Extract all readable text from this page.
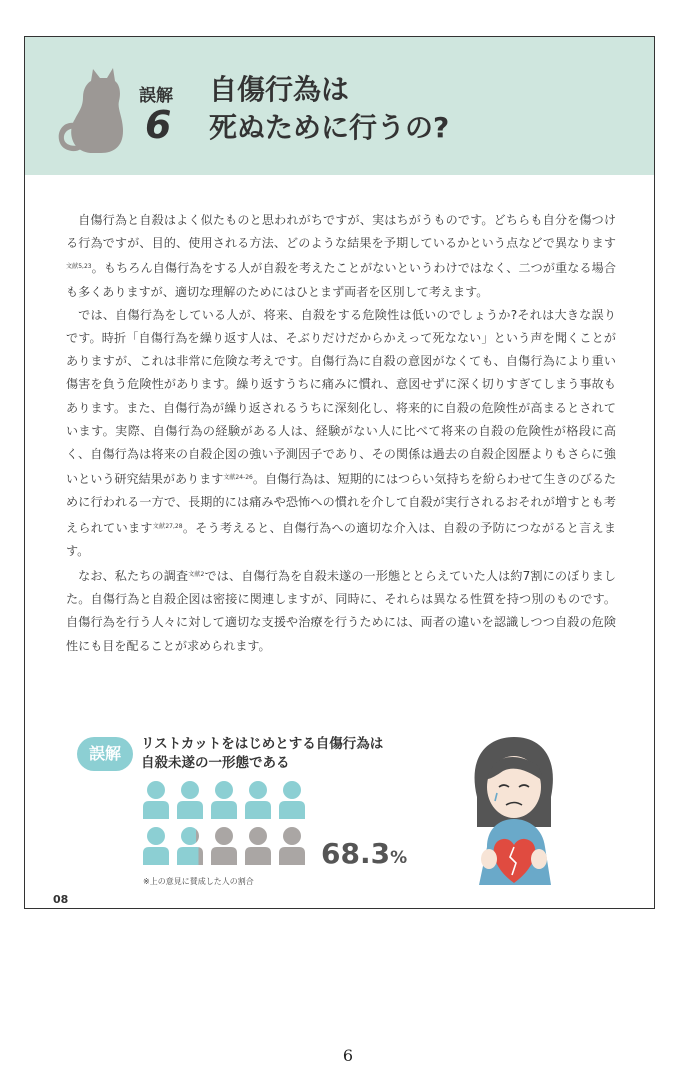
誤解
6
自傷行為は
死ぬために行うの?

自傷行為と自殺はよく似たものと思われがちですが、実はちがうものです。どちらも自分を傷つける行為ですが、目的、使用される方法、どのような結果を予期しているかという点などで異なります$^{文献5,23}$。もちろん自傷行為をする人が自殺を考えたことがないというわけではなく、二つが重なる場合も多くありますが、適切な理解のためにはひとまず両者を区別して考えます。

では、自傷行為をしている人が、将来、自殺をする危険性は低いのでしょうか?それは大きな誤りです。時折「自傷行為を繰り返す人は、そぶりだけだからかえって死なない」という声を聞くことがありますが、これは非常に危険な考えです。自傷行為に自殺の意図がなくても、自傷行為により重い傷害を負う危険性があります。繰り返すうちに痛みに慣れ、意図せずに深く切りすぎてしまう事故もあります。また、自傷行為が繰り返されるうちに深刻化し、将来的に自殺の危険性が高まるとされています。実際、自傷行為の経験がある人は、経験がない人に比べて将来の自殺の危険性が格段に高く、自傷行為は将来の自殺企図の強い予測因子であり、その関係は過去の自殺企図歴よりもさらに強いという研究結果があります$^{文献24-26}$。自傷行為は、短期的にはつらい気持ちを紛らわせて生きのびるために行われる一方で、長期的には痛みや恐怖への慣れを介して自殺が実行されるおそれが増すとも考えられています$^{文献27,28}$。そう考えると、自傷行為への適切な介入は、自殺の予防につながると言えます。

なお、私たちの調査$^{文献2}$では、自傷行為を自殺未遂の一形態ととらえていた人は約7割にのぼりました。自傷行為と自殺企図は密接に関連しますが、同時に、それらは異なる性質を持つ別のものです。自傷行為を行う人々に対して適切な支援や治療を行うためには、両者の違いを認識しつつ自殺の危険性にも目を配ることが求められます。

誤解	リストカットをはじめとする自傷行為は
自殺未遂の一形態である
68.3%
※上の意見に賛成した人の割合
08
6
